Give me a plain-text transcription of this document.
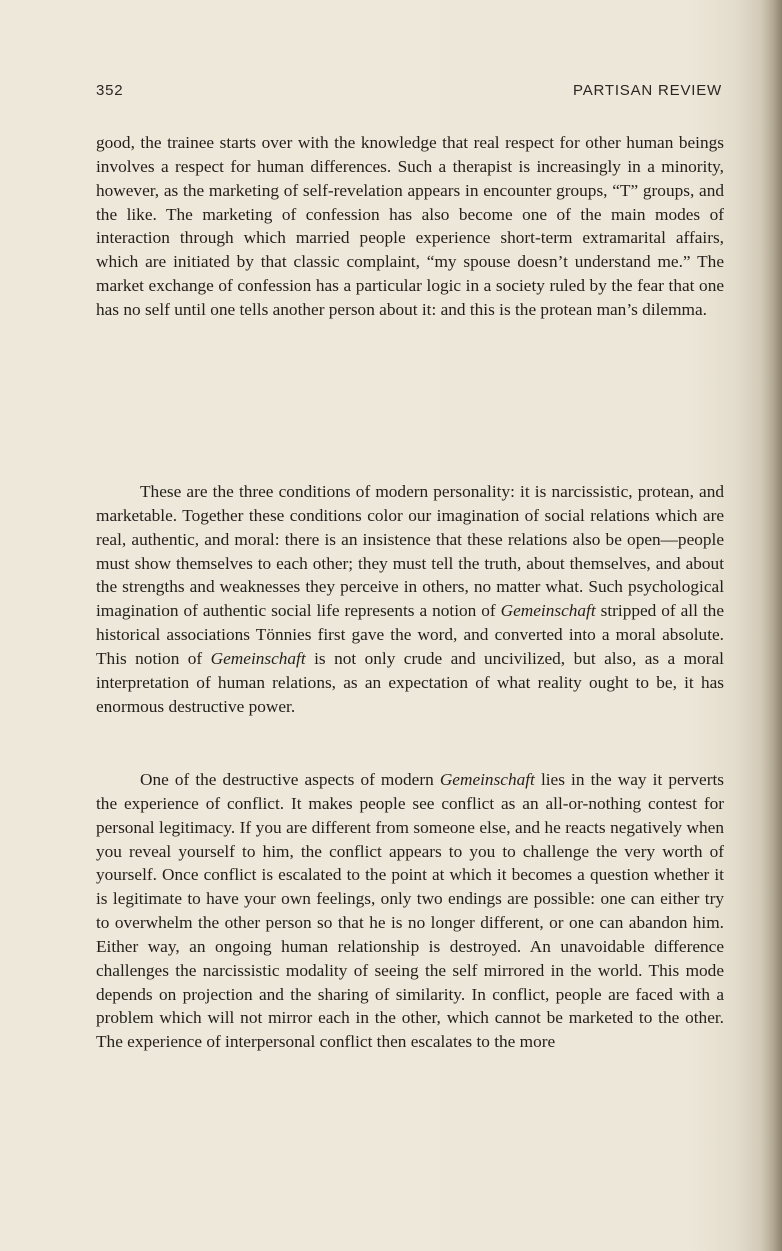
352	PARTISAN REVIEW

good, the trainee starts over with the knowledge that real respect for other human beings involves a respect for human differences. Such a therapist is increasingly in a minority, however, as the marketing of self-revelation appears in encounter groups, “T” groups, and the like. The marketing of confession has also become one of the main modes of interaction through which married people experience short-term extramarital affairs, which are initiated by that classic complaint, “my spouse doesn’t understand me.” The market exchange of confession has a particular logic in a society ruled by the fear that one has no self until one tells another person about it: and this is the protean man’s dilemma.

These are the three conditions of modern personality: it is narcissistic, protean, and marketable. Together these conditions color our imagination of social relations which are real, authentic, and moral: there is an insistence that these relations also be open—people must show themselves to each other; they must tell the truth, about themselves, and about the strengths and weaknesses they perceive in others, no matter what. Such psychological imagination of authentic social life represents a notion of Gemeinschaft stripped of all the historical associations Tönnies first gave the word, and converted into a moral absolute. This notion of Gemeinschaft is not only crude and uncivilized, but also, as a moral interpretation of human relations, as an expectation of what reality ought to be, it has enormous destructive power.

One of the destructive aspects of modern Gemeinschaft lies in the way it perverts the experience of conflict. It makes people see conflict as an all-or-nothing contest for personal legitimacy. If you are different from someone else, and he reacts negatively when you reveal yourself to him, the conflict appears to you to challenge the very worth of yourself. Once conflict is escalated to the point at which it becomes a question whether it is legitimate to have your own feelings, only two endings are possible: one can either try to overwhelm the other person so that he is no longer different, or one can abandon him. Either way, an ongoing human relationship is destroyed. An unavoidable difference challenges the narcissistic modality of seeing the self mirrored in the world. This mode depends on projection and the sharing of similarity. In conflict, people are faced with a problem which will not mirror each in the other, which cannot be marketed to the other. The experience of interpersonal conflict then escalates to the more
